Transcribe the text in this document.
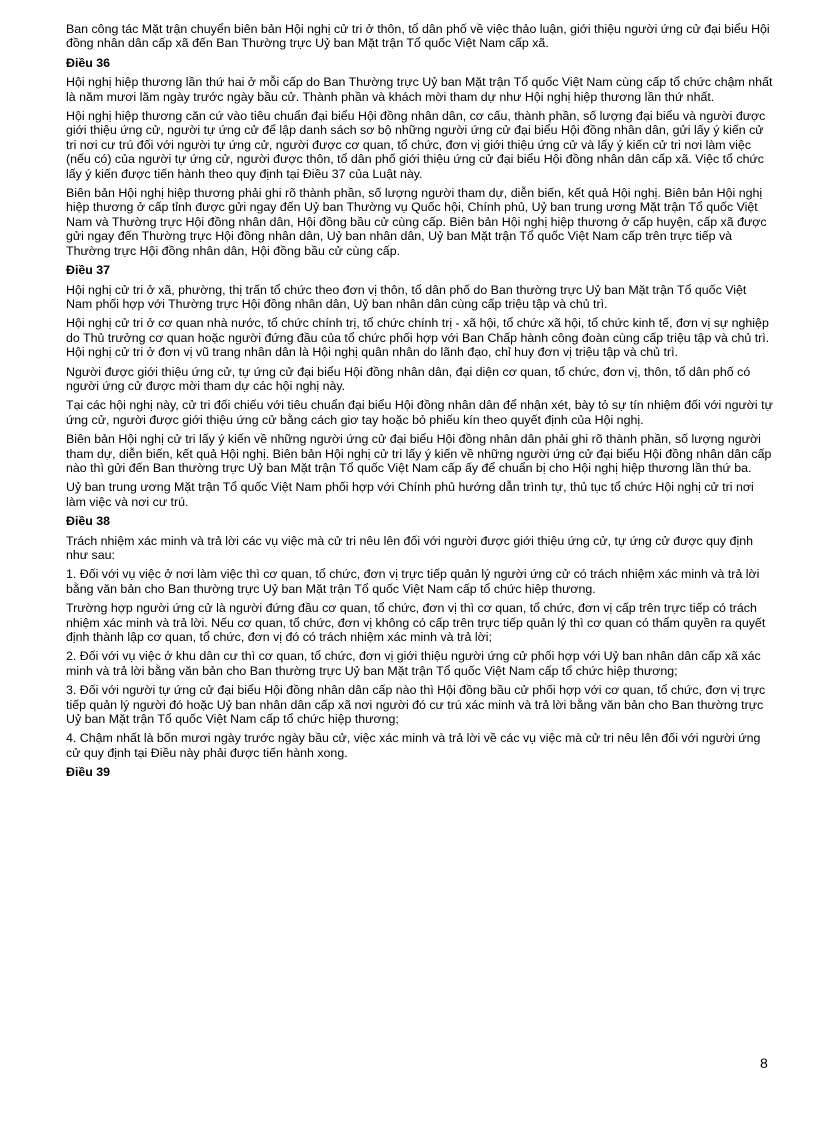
Ban công tác Mặt trận chuyển biên bản Hội nghị cử tri ở thôn, tổ dân phố về việc thảo luận, giới thiệu người ứng cử đại biểu Hội đồng nhân dân cấp xã đến Ban Thường trực Uỷ ban Mặt trận Tổ quốc Việt Nam cấp xã.

Điều 36

Hội nghị hiệp thương lần thứ hai ở mỗi cấp do Ban Thường trực Uỷ ban Mặt trận Tổ quốc Việt Nam cùng cấp tổ chức chậm nhất là năm mươi lăm ngày trước ngày bầu cử. Thành phần và khách mời tham dự như Hội nghị hiệp thương lần thứ nhất.

Hội nghị hiệp thương căn cứ vào tiêu chuẩn đại biểu Hội đồng nhân dân, cơ cấu, thành phần, số lượng đại biểu và người được giới thiệu ứng cử, người tự ứng cử để lập danh sách sơ bộ những người ứng cử đại biểu Hội đồng nhân dân, gửi lấy ý kiến cử tri nơi cư trú đối với người tự ứng cử, người được cơ quan, tổ chức, đơn vị giới thiệu ứng cử và lấy ý kiến cử tri nơi làm việc (nếu có) của người tự ứng cử, người được thôn, tổ dân phố giới thiệu ứng cử đại biểu Hội đồng nhân dân cấp xã. Việc tổ chức lấy ý kiến được tiến hành theo quy định tại Điều 37 của Luật này.

Biên bản Hội nghị hiệp thương phải ghi rõ thành phần, số lượng người tham dự, diễn biến, kết quả Hội nghị. Biên bản Hội nghị hiệp thương ở cấp tỉnh được gửi ngay đến Uỷ ban Thường vụ Quốc hội, Chính phủ, Uỷ ban trung ương Mặt trận Tổ quốc Việt Nam và Thường trực Hội đồng nhân dân, Hội đồng bầu cử cùng cấp. Biên bản Hội nghị hiệp thương ở cấp huyện, cấp xã được gửi ngay đến Thường trực Hội đồng nhân dân, Uỷ ban nhân dân, Uỷ ban Mặt trận Tổ quốc Việt Nam cấp trên trực tiếp và Thường trực Hội đồng nhân dân, Hội đồng bầu cử cùng cấp.

Điều 37

Hội nghị cử tri ở xã, phường, thị trấn tổ chức theo đơn vị thôn, tổ dân phố do Ban thường trực Uỷ ban Mặt trận Tổ quốc Việt Nam phối hợp với Thường trực Hội đồng nhân dân, Uỷ ban nhân dân cùng cấp triệu tập và chủ trì.

Hội nghị cử tri ở cơ quan nhà nước, tổ chức chính trị, tổ chức chính trị - xã hội, tổ chức xã hội, tổ chức kinh tế, đơn vị sự nghiệp do Thủ trưởng cơ quan hoặc người đứng đầu của tổ chức phối hợp với Ban Chấp hành công đoàn cùng cấp triệu tập và chủ trì. Hội nghị cử tri ở đơn vị vũ trang nhân dân là Hội nghị quân nhân do lãnh đạo, chỉ huy đơn vị triệu tập và chủ trì.

Người được giới thiệu ứng cử, tự ứng cử đại biểu Hội đồng nhân dân, đại diện cơ quan, tổ chức, đơn vị, thôn, tổ dân phố có người ứng cử được mời tham dự các hội nghị này.

Tại các hội nghị này, cử tri đối chiếu với tiêu chuẩn đại biểu Hội đồng nhân dân để nhận xét, bày tỏ sự tín nhiệm đối với người tự ứng cử, người được giới thiệu ứng cử bằng cách giơ tay hoặc bỏ phiếu kín theo quyết định của Hội nghị.

Biên bản Hội nghị cử tri lấy ý kiến về những người ứng cử đại biểu Hội đồng nhân dân phải ghi rõ thành phần, số lượng người tham dự, diễn biến, kết quả Hội nghị. Biên bản Hội nghị cử tri lấy ý kiến về những người ứng cử đại biểu Hội đồng nhân dân cấp nào thì gửi đến Ban thường trực Uỷ ban Mặt trận Tổ quốc Việt Nam cấp ấy để chuẩn bị cho Hội nghị hiệp thương lần thứ ba.

Uỷ ban trung ương Mặt trận Tổ quốc Việt Nam phối hợp với Chính phủ hướng dẫn trình tự, thủ tục tổ chức Hội nghị cử tri nơi làm việc và nơi cư trú.

Điều 38

Trách nhiệm xác minh và trả lời các vụ việc mà cử tri nêu lên đối với người được giới thiệu ứng cử, tự ứng cử được quy định như sau:

1. Đối với vụ việc ở nơi làm việc thì cơ quan, tổ chức, đơn vị trực tiếp quản lý người ứng cử có trách nhiệm xác minh và trả lời bằng văn bản cho Ban thường trực Uỷ ban Mặt trận Tổ quốc Việt Nam cấp tổ chức hiệp thương.

Trường hợp người ứng cử là người đứng đầu cơ quan, tổ chức, đơn vị thì cơ quan, tổ chức, đơn vị cấp trên trực tiếp có trách nhiệm xác minh và trả lời. Nếu cơ quan, tổ chức, đơn vị không có cấp trên trực tiếp quản lý thì cơ quan có thẩm quyền ra quyết định thành lập cơ quan, tổ chức, đơn vị đó có trách nhiệm xác minh và trả lời;

2. Đối với vụ việc ở khu dân cư thì cơ quan, tổ chức, đơn vị giới thiệu người ứng cử phối hợp với Uỷ ban nhân dân cấp xã xác minh và trả lời bằng văn bản cho Ban thường trực Uỷ ban Mặt trận Tổ quốc Việt Nam cấp tổ chức hiệp thương;

3. Đối với người tự ứng cử đại biểu Hội đồng nhân dân cấp nào thì Hội đồng bầu cử phối hợp với cơ quan, tổ chức, đơn vị trực tiếp quản lý người đó hoặc Uỷ ban nhân dân cấp xã nơi người đó cư trú xác minh và trả lời bằng văn bản cho Ban thường trực Uỷ ban Mặt trận Tổ quốc Việt Nam cấp tổ chức hiệp thương;

4. Chậm nhất là bốn mươi ngày trước ngày bầu cử, việc xác minh và trả lời về các vụ việc mà cử tri nêu lên đối với người ứng cử quy định tại Điều này phải được tiến hành xong.

Điều 39
8
